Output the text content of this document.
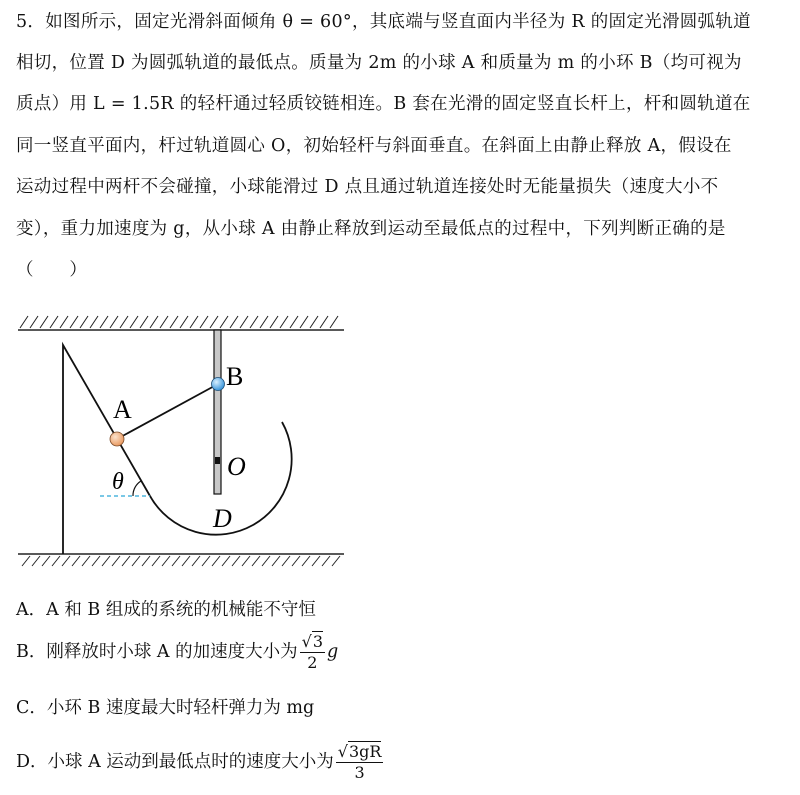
5．如图所示，固定光滑斜面倾角 θ = 60°，其底端与竖直面内半径为 R 的固定光滑圆弧轨道
相切，位置 D 为圆弧轨道的最低点。质量为 2m 的小球 A 和质量为 m 的小环 B（均可视为
质点）用 L = 1.5R 的轻杆通过轻质铰链相连。B 套在光滑的固定竖直长杆上，杆和圆轨道在
同一竖直平面内，杆过轨道圆心 O，初始轻杆与斜面垂直。在斜面上由静止释放 A，假设在
运动过程中两杆不会碰撞，小球能滑过 D 点且通过轨道连接处时无能量损失（速度大小不
变），重力加速度为 g，从小球 A 由静止释放到运动至最低点的过程中，下列判断正确的是
（　　）
A
B
O
D
θ
A．A 和 B 组成的系统的机械能不守恒
B．刚释放时小球 A 的加速度大小为 $\frac{√3}{2}$ g
C．小环 B 速度最大时轻杆弹力为 mg
D．小球 A 运动到最低点时的速度大小为 $\frac{√3gR}{3}$
